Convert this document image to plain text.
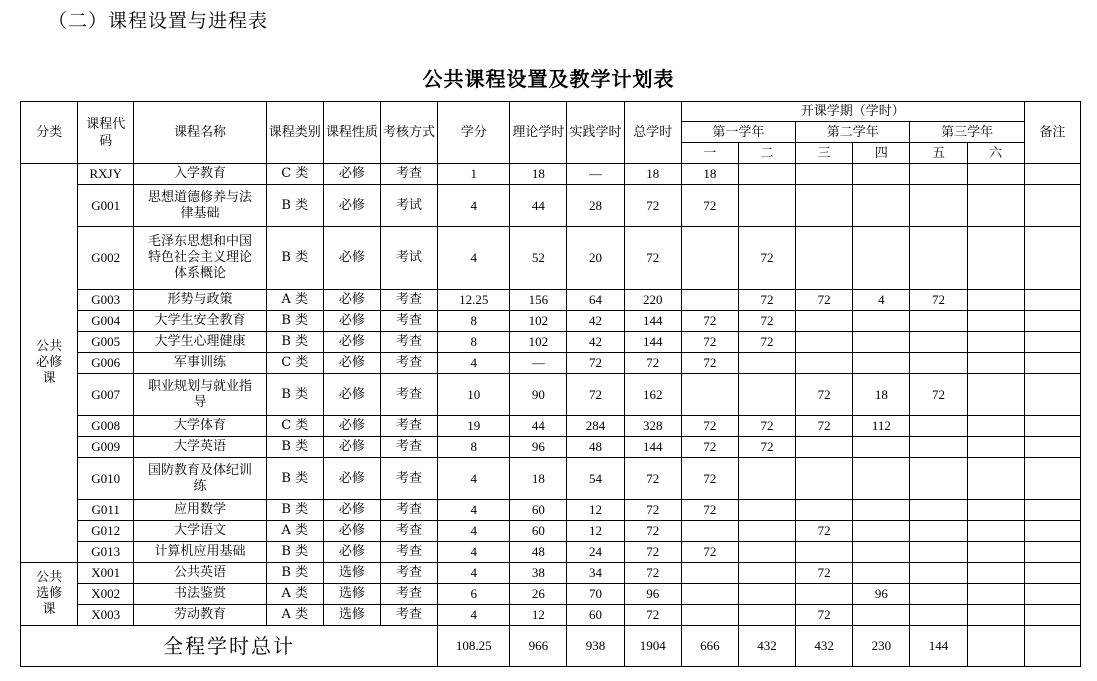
（二）课程设置与进程表
公共课程设置及教学计划表
分类	课程代码	课程名称	课程类别	课程性质	考核方式	学分	理论学时	实践学时	总学时	开课学期（学时）						备注
										第一学年		第二学年		第三学年		
										一	二	三	四	五	六	
公共必修课	RXJY	入学教育	C 类	必修	考查	1	18	—	18	18						
	G001	思想道德修养与法律基础	B 类	必修	考试	4	44	28	72	72						
	G002	毛泽东思想和中国特色社会主义理论体系概论	B 类	必修	考试	4	52	20	72		72					
	G003	形势与政策	A 类	必修	考查	12.25	156	64	220		72	72	4	72		
	G004	大学生安全教育	B 类	必修	考查	8	102	42	144	72	72					
	G005	大学生心理健康	B 类	必修	考查	8	102	42	144	72	72					
	G006	军事训练	C 类	必修	考查	4	—	72	72	72						
	G007	职业规划与就业指导	B 类	必修	考查	10	90	72	162			72	18	72		
	G008	大学体育	C 类	必修	考查	19	44	284	328	72	72	72	112			
	G009	大学英语	B 类	必修	考查	8	96	48	144	72	72					
	G010	国防教育及体纪训练	B 类	必修	考查	4	18	54	72	72						
	G011	应用数学	B 类	必修	考查	4	60	12	72	72						
	G012	大学语文	A 类	必修	考查	4	60	12	72			72				
	G013	计算机应用基础	B 类	必修	考查	4	48	24	72	72						
公共选修课	X001	公共英语	B 类	选修	考查	4	38	34	72			72				
	X002	书法鉴赏	A 类	选修	考查	6	26	70	96				96			
	X003	劳动教育	A 类	选修	考查	4	12	60	72			72				
全程学时总计						108.25	966	938	1904	666	432	432	230	144		
